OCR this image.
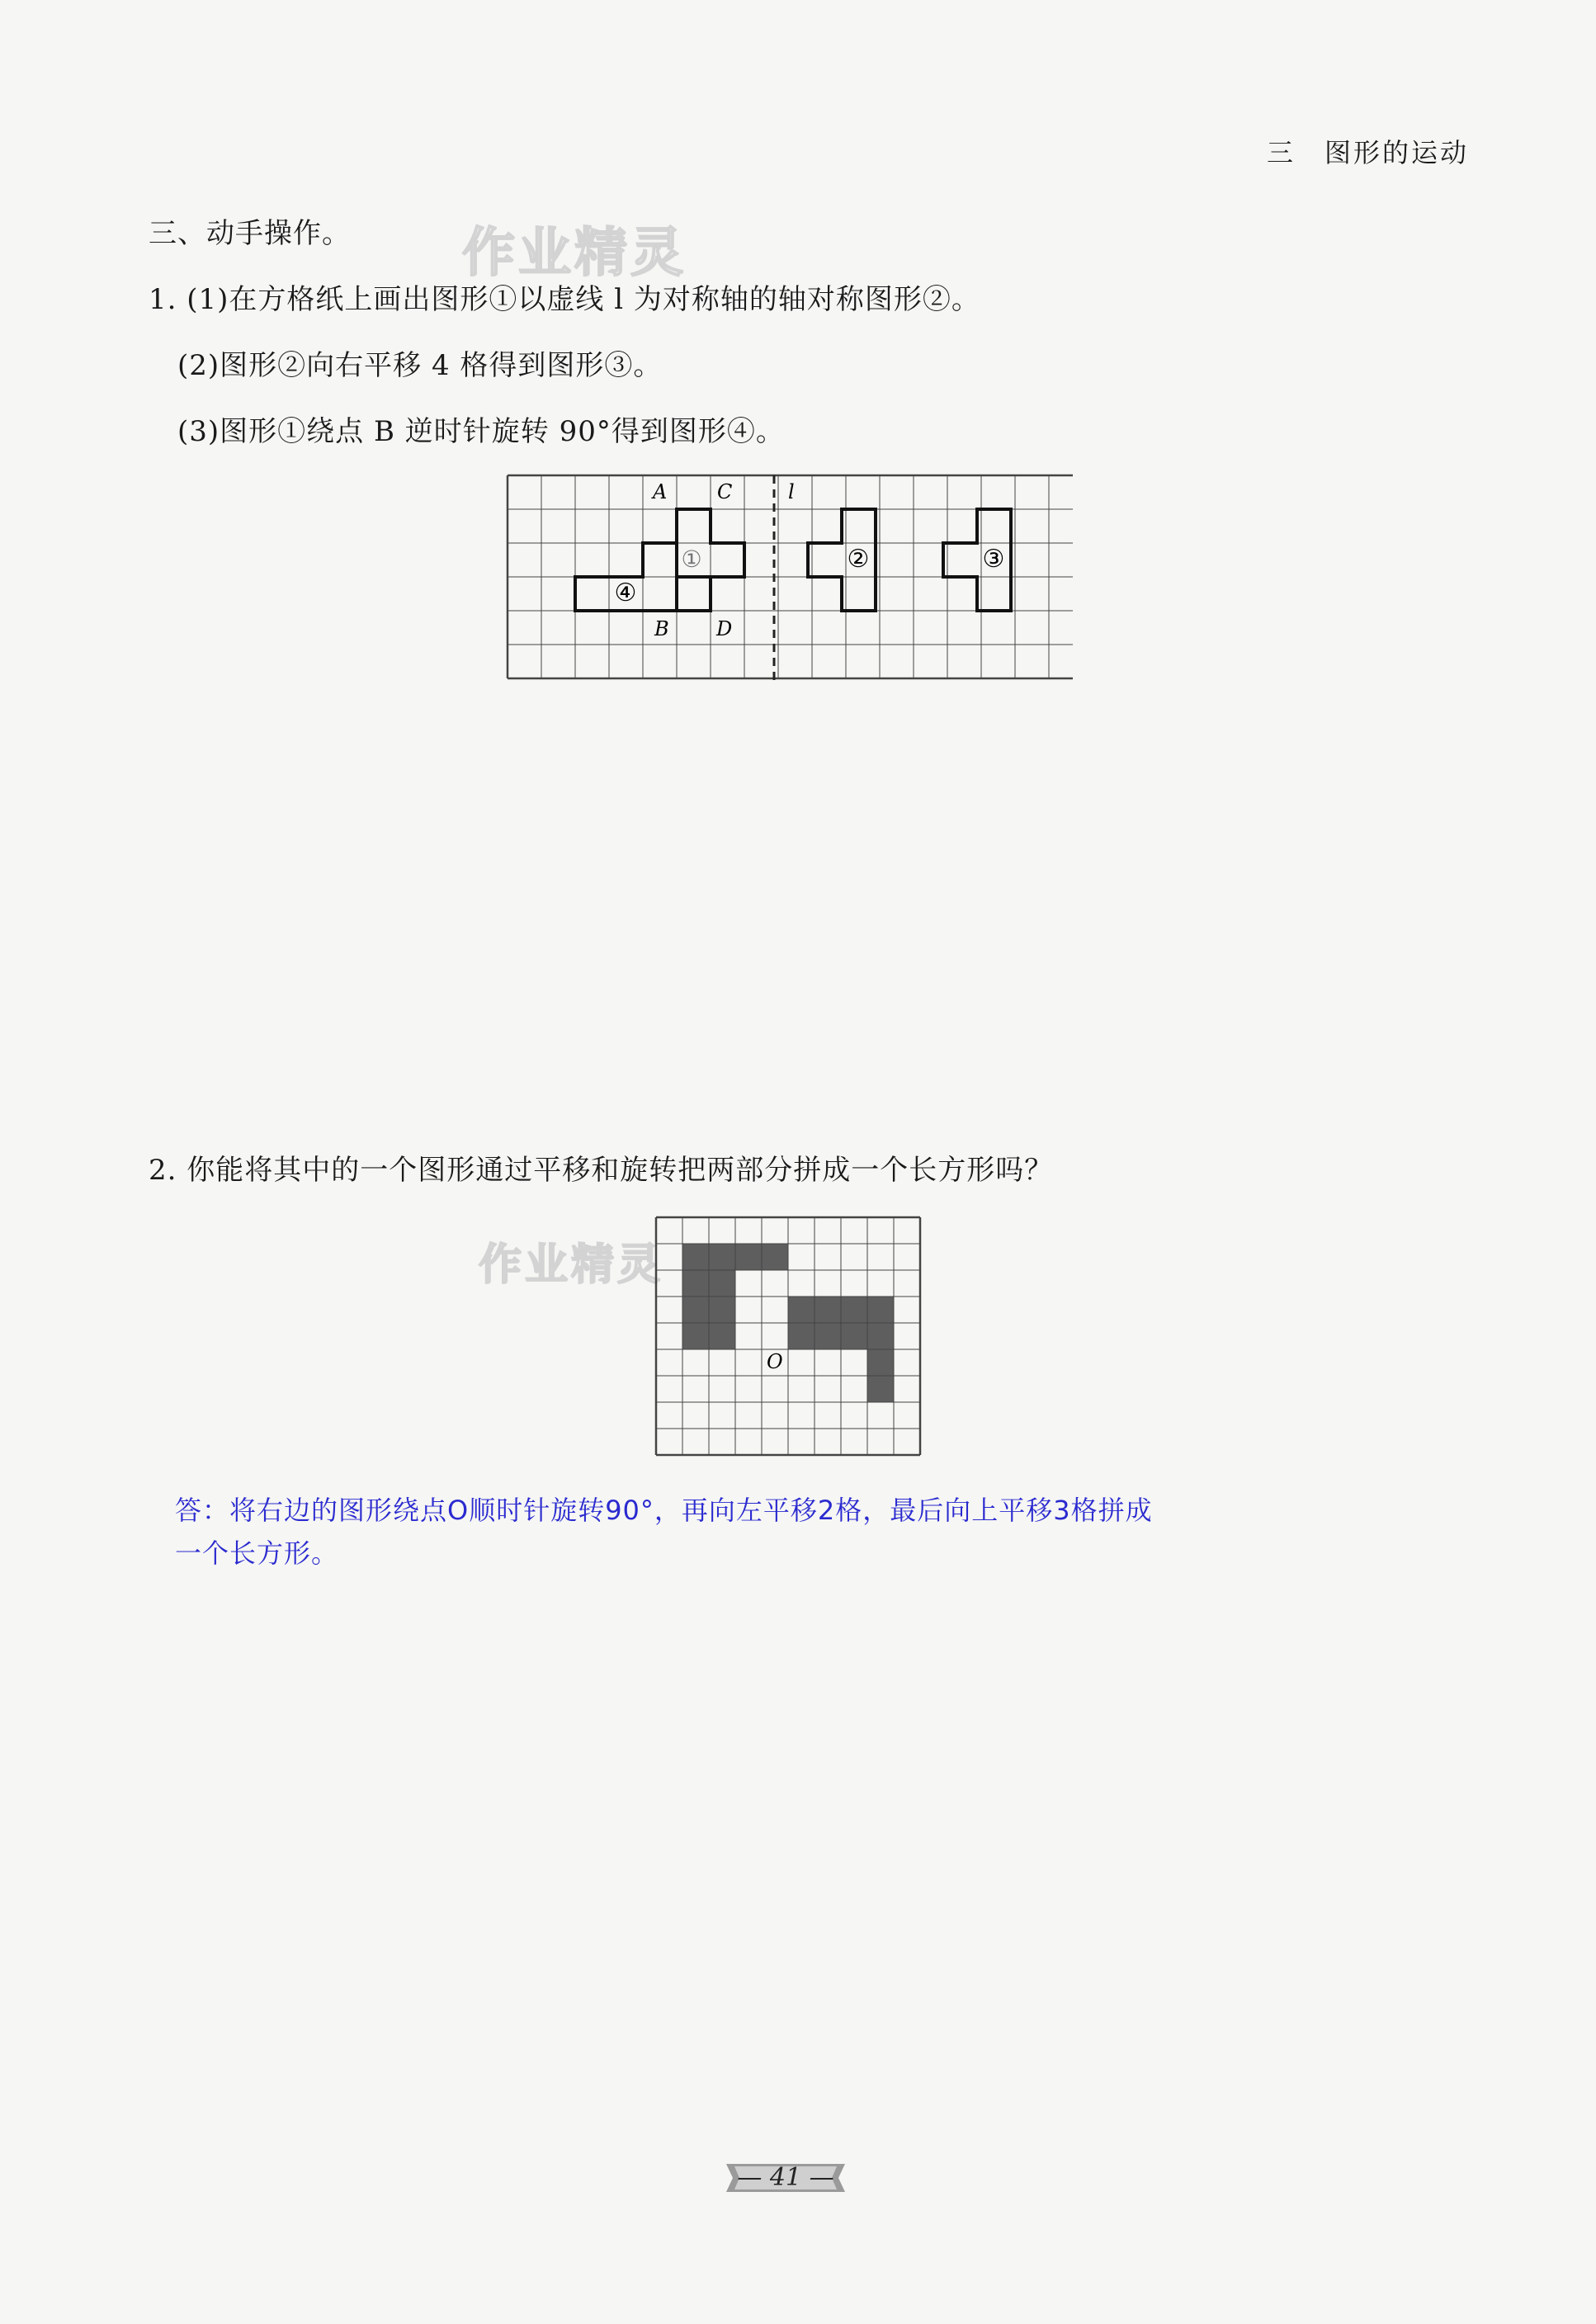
三　图形的运动
作业精灵
三、动手操作。
1. (1)在方格纸上画出图形①以虚线 l 为对称轴的轴对称图形②。
(2)图形②向右平移 4 格得到图形③。
(3)图形①绕点 B 逆时针旋转 90°得到图形④。
A	C
B D
l
①	②	③
④
2. 你能将其中的一个图形通过平移和旋转把两部分拼成一个长方形吗？
作业精灵
O
答：将右边的图形绕点O顺时针旋转90°，再向左平移2格，最后向上平移3格拼成
一个长方形。
— 41 —
